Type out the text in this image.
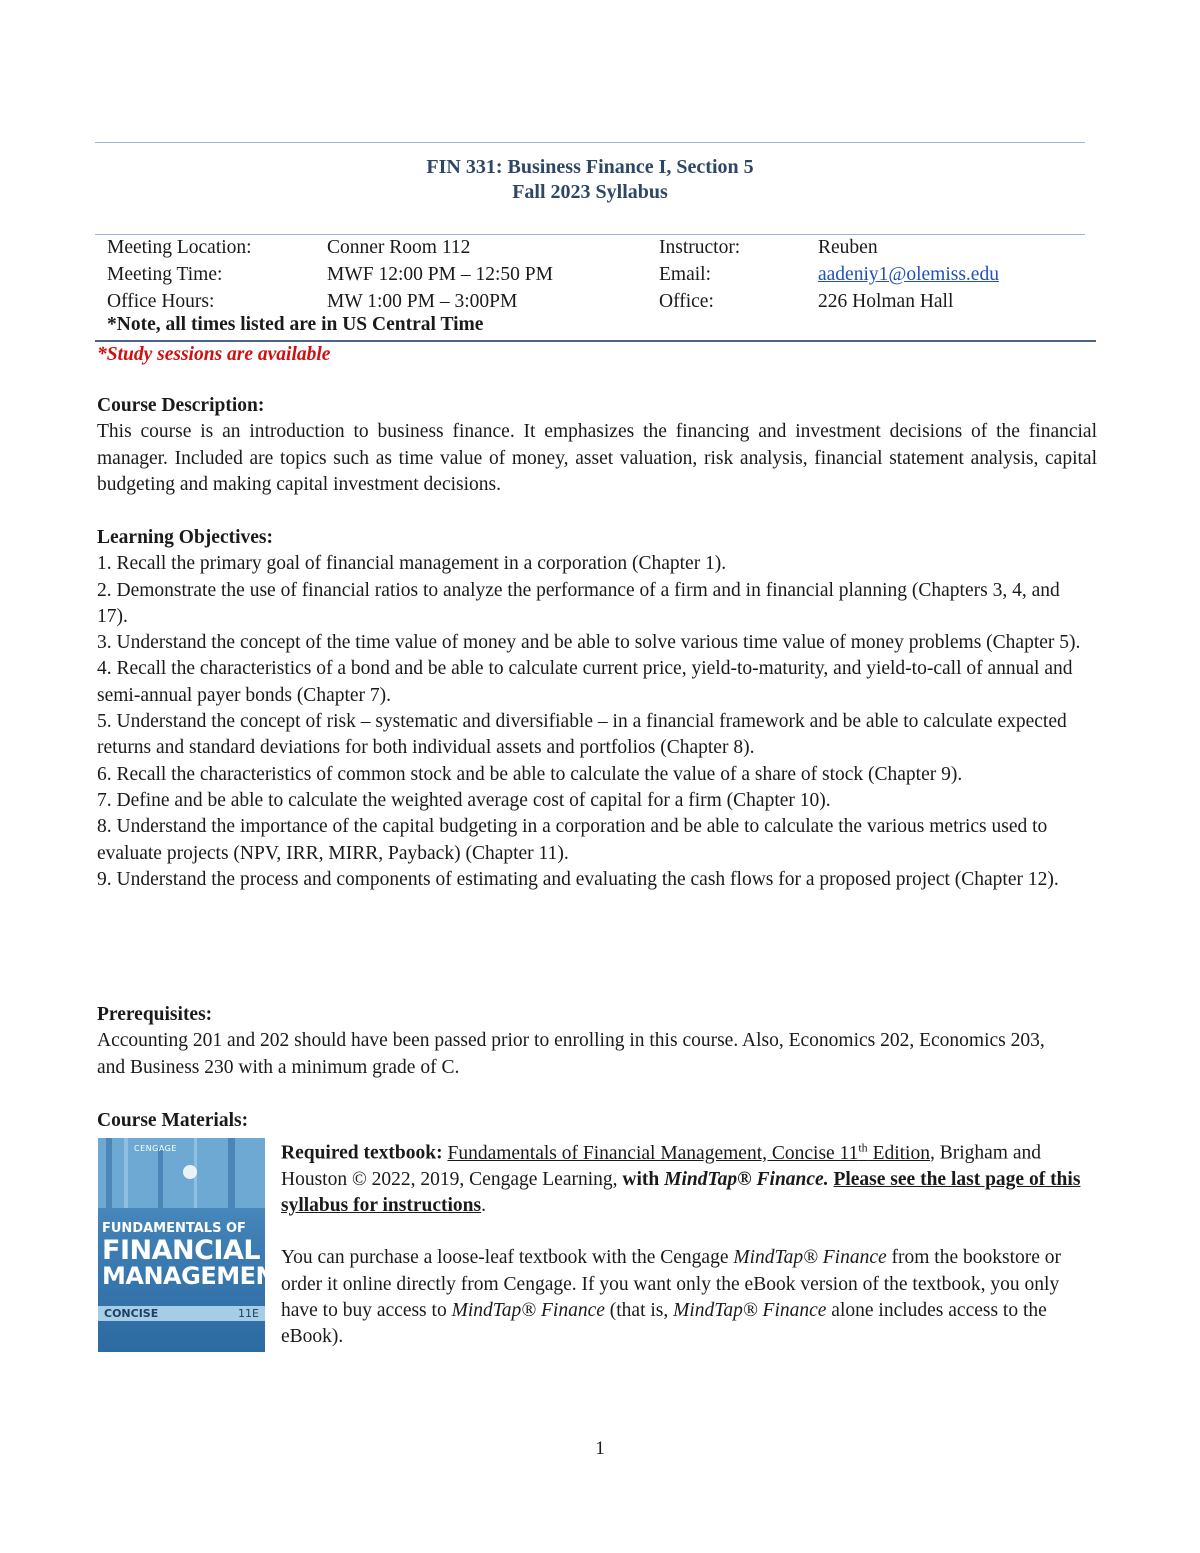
FIN 331: Business Finance I, Section 5
Fall 2023 Syllabus
Meeting Location:	Conner Room 112	Instructor:	Reuben
Meeting Time:	MWF 12:00 PM – 12:50 PM	Email:	aadeniy1@olemiss.edu
Office Hours:	MW 1:00 PM – 3:00PM	Office:	226 Holman Hall
*Note, all times listed are in US Central Time
*Study sessions are available
Course Description:
This course is an introduction to business finance. It emphasizes the financing and investment decisions of the financial manager. Included are topics such as time value of money, asset valuation, risk analysis, financial statement analysis, capital budgeting and making capital investment decisions.
Learning Objectives:
1. Recall the primary goal of financial management in a corporation (Chapter 1).
2. Demonstrate the use of financial ratios to analyze the performance of a firm and in financial planning (Chapters 3, 4, and 17).
3. Understand the concept of the time value of money and be able to solve various time value of money problems (Chapter 5).
4. Recall the characteristics of a bond and be able to calculate current price, yield-to-maturity, and yield-to-call of annual and semi-annual payer bonds (Chapter 7).
5. Understand the concept of risk – systematic and diversifiable – in a financial framework and be able to calculate expected returns and standard deviations for both individual assets and portfolios (Chapter 8).
6. Recall the characteristics of common stock and be able to calculate the value of a share of stock (Chapter 9).
7. Define and be able to calculate the weighted average cost of capital for a firm (Chapter 10).
8. Understand the importance of the capital budgeting in a corporation and be able to calculate the various metrics used to evaluate projects (NPV, IRR, MIRR, Payback) (Chapter 11).
9. Understand the process and components of estimating and evaluating the cash flows for a proposed project (Chapter 12).
Prerequisites:
Accounting 201 and 202 should have been passed prior to enrolling in this course. Also, Economics 202, Economics 203, and Business 230 with a minimum grade of C.
Course Materials:
CENGAGE
FUNDAMENTALS OF
FINANCIAL
MANAGEMENT
CONCISE	11E
Required textbook: Fundamentals of Financial Management, Concise 11th Edition, Brigham and Houston © 2022, 2019, Cengage Learning, with MindTap® Finance. Please see the last page of this syllabus for instructions.
You can purchase a loose-leaf textbook with the Cengage MindTap® Finance from the bookstore or order it online directly from Cengage. If you want only the eBook version of the textbook, you only have to buy access to MindTap® Finance (that is, MindTap® Finance alone includes access to the eBook).
1
